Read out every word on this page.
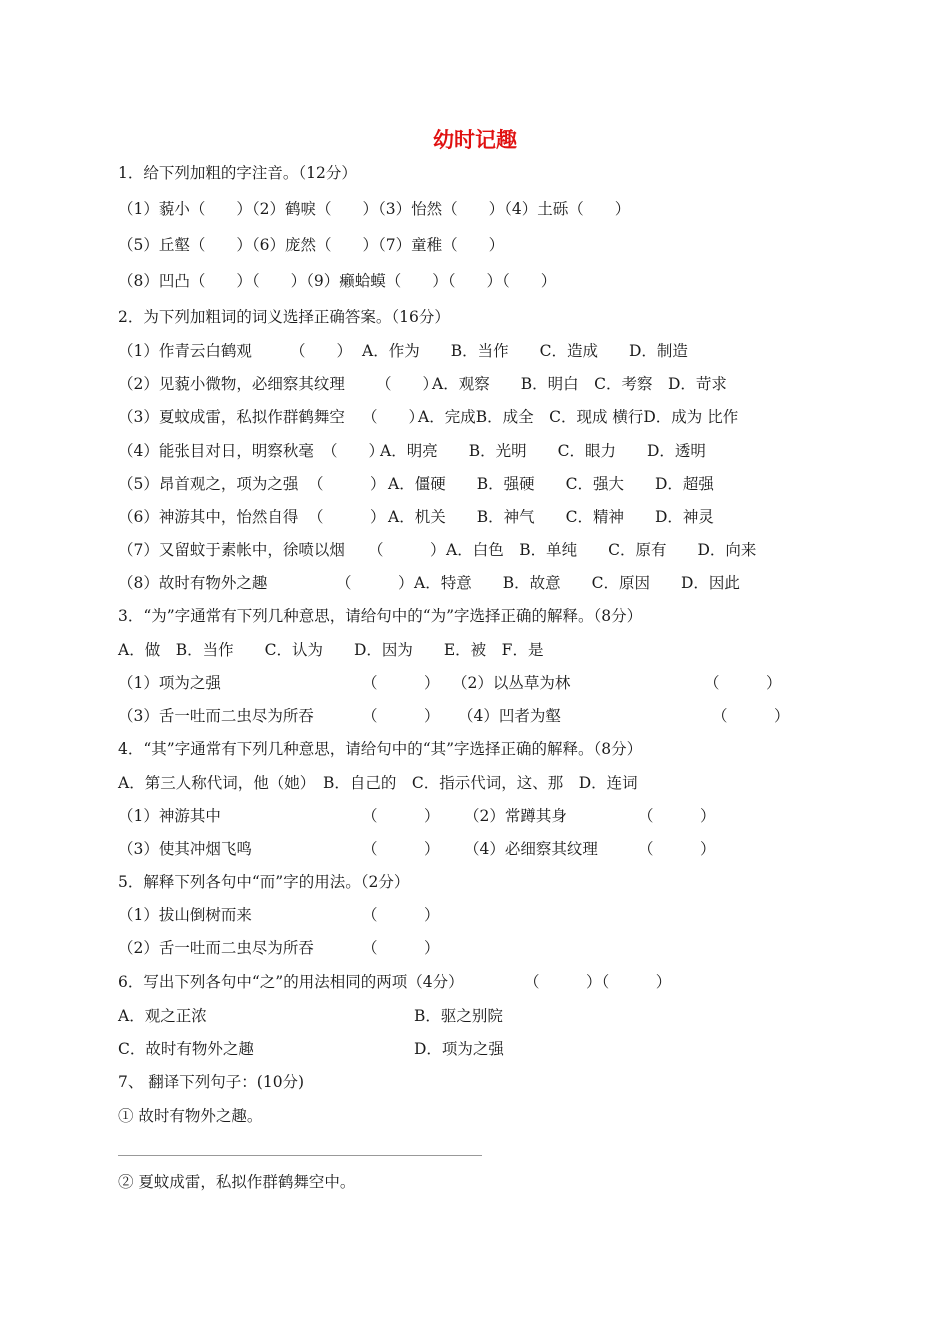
幼时记趣
1．给下列加粗的字注音。（12分）
（1）藐小（　　）（2）鹤唳（　　）（3）怡然（　　）（4）土砾（　　）
（5）丘壑（　　）（6）庞然（　　）（7）童稚（　　）
（8）凹凸（　　）（　　）（9）癞蛤蟆（　　）（　　）（　　）
2．为下列加粗词的词义选择正确答案。（16分）
（1）作青云白鹤观 （　　） A．作为　　B．当作　　C．造成　　D．制造
（2）见藐小微物，必细察其纹理 （　　）
A．观察　　B．明白　C．考察　D．苛求
（3）夏蚊成雷，私拟作群鹤舞空 （　　）
A．完成B．成全　C．现成 横行D．成为 比作
（4）能张目对日，明察秋毫 （　　）
A．明亮　　B．光明　　C．眼力　　D．透明
（5）昂首观之，项为之强 （　　　） A．僵硬　　B．强硬　　C．强大　　D．超强
（6）神游其中，怡然自得 （　　　） A．机关　　B．神气　　C．精神　　D．神灵
（7）又留蚊于素帐中，徐喷以烟 （　　　） A．白色　B．单纯　　C．原有　　D．向来
（8）故时有物外之趣	（　　　） A．特意　　B．故意　　C．原因　　D．因此
3．“为”字通常有下列几种意思，请给句中的“为”字选择正确的解释。（8分）
A．做　B．当作　　C．认为　　D．因为　　E．被　F．是
（1）项为之强	（　　　） （2）以丛草为林	（　　　）
（3）舌一吐而二虫尽为所吞	（　　　） （4）凹者为壑	（　　　）
4．“其”字通常有下列几种意思，请给句中的“其”字选择正确的解释。（8分）
A．第三人称代词，他（她）　B．自己的　C．指示代词，这、那　D．连词
（1）神游其中	（　　　） （2）常蹲其身	（　　　）
（3）使其冲烟飞鸣	（　　　） （4）必细察其纹理	（　　　）
5．解释下列各句中“而”字的用法。（2分）
（1）拔山倒树而来	（　　　）
（2）舌一吐而二虫尽为所吞	（　　　）
6．写出下列各句中“之”的用法相同的两项（4分）	（　　　）（　　　）
A．观之正浓	B．驱之别院
C．故时有物外之趣	D．项为之强
7、 翻译下列句子：(10分)
① 故时有物外之趣。
② 夏蚊成雷，私拟作群鹤舞空中。
